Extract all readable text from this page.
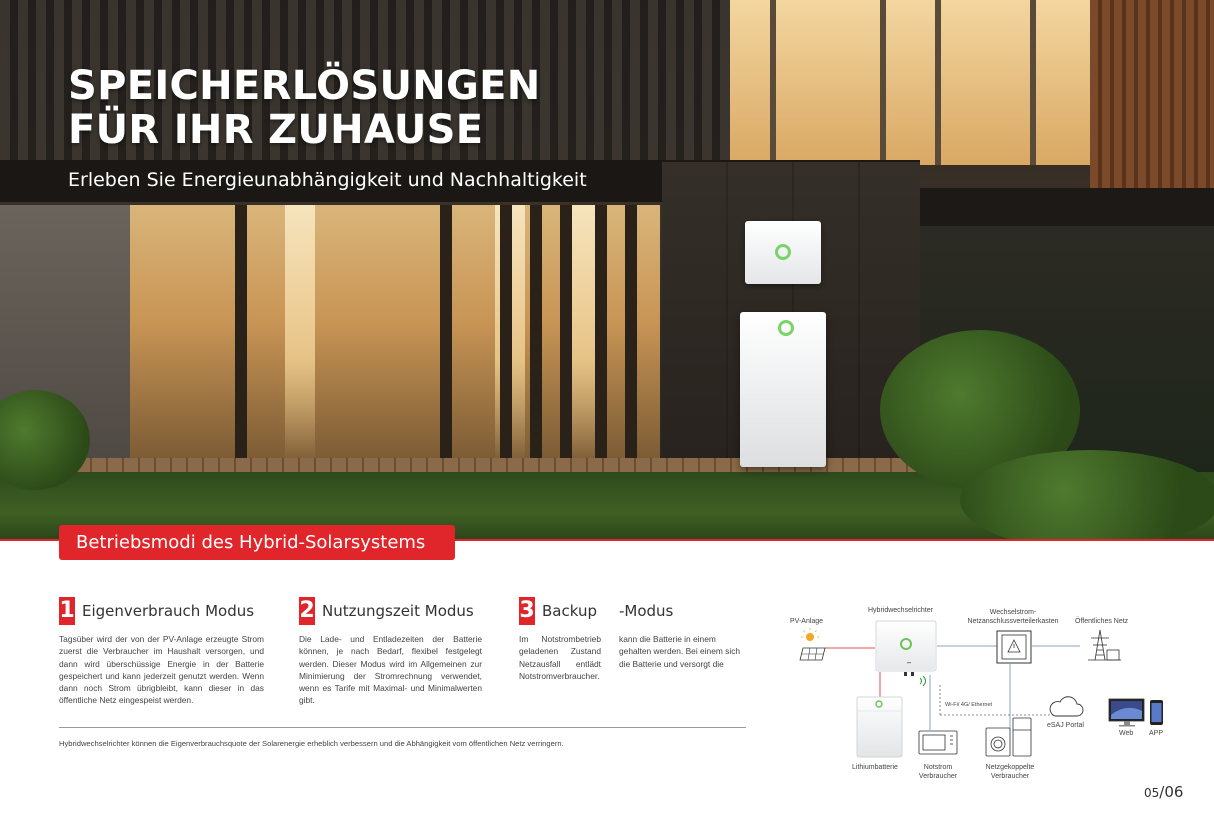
SPEICHERLÖSUNGEN
FÜR IHR ZUHAUSE
Erleben Sie Energieunabhängigkeit und Nachhaltigkeit
Betriebsmodi des Hybrid-Solarsystems
1 Eigenverbrauch Modus
Tagsüber wird der von der PV-Anlage erzeugte Strom zuerst die Verbraucher im Haushalt versorgen, und dann wird überschüssige Energie in der Batterie gespeichert und kann jederzeit genutzt werden. Wenn dann noch Strom übrigbleibt, kann dieser in das öffentliche Netz eingespeist werden.
2 Nutzungszeit Modus
Die Lade- und Entladezeiten der Batterie können, je nach Bedarf, flexibel festgelegt werden. Dieser Modus wird im Allgemeinen zur Minimierung der Stromrechnung verwendet, wenn es Tarife mit Maximal- und Minimalwerten gibt.
3 Backup -Modus
Im Notstrombetrieb geladenen Zustand Netzausfall entlädt Notstromverbraucher.
kann die Batterie in einem gehalten werden. Bei einem sich die Batterie und versorgt die
Hybridwechselrichter können die Eigenverbrauchsquote der Solarenergie erheblich verbessern und die Abhängigkeit vom öffentlichen Netz verringern.
PV-Anlage
Hybridwechselrichter	Wechselstrom-
Netzanschlussverteilerkasten	Öffentliches Netz
Wi-Fi/ 4G/ Ethernet
eSAJ Portal
Web APP
Lithiumbatterie	Notstrom
Verbraucher
Netzgekoppelte
Verbraucher
05/06
